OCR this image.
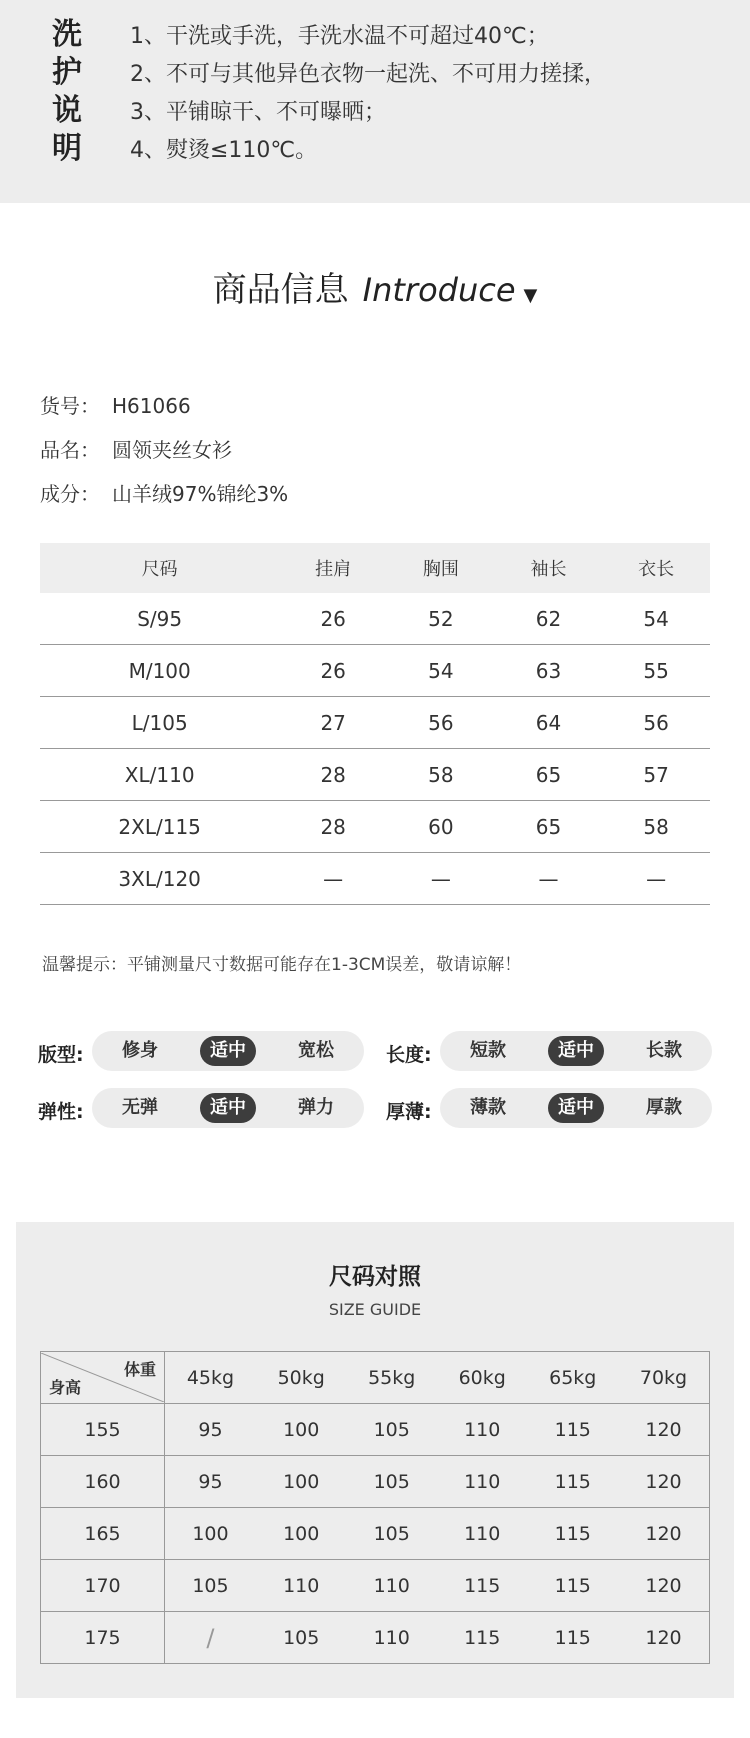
洗
护
说
明
1、干洗或手洗，手洗水温不可超过40℃；
2、不可与其他异色衣物一起洗、不可用力搓揉，
3、平铺晾干、不可曝晒；
4、熨烫≤110℃。
商品信息 Introduce ▼
货号： H61066
品名： 圆领夹丝女衫
成分： 山羊绒97%锦纶3%
尺码	挂肩	胸围	袖长	衣长
S/95	26	52	62	54
M/100	26	54	63	55
L/105	27	56	64	56
XL/110	28	58	65	57
2XL/115	28	60	65	58
3XL/120	—	—	—	—
温馨提示：平铺测量尺寸数据可能存在1-3CM误差，敬请谅解！
版型:	修身	适中	宽松	长度:	短款	适中	长款
弹性:	无弹	适中	弹力	厚薄:	薄款	适中	厚款
尺码对照
SIZE GUIDE
体重
身高	45kg	50kg	55kg	60kg	65kg	70kg
155	95	100	105	110	115	120
160	95	100	105	110	115	120
165	100	100	105	110	115	120
170	105	110	110	115	115	120
175	/	105	110	115	115	120
